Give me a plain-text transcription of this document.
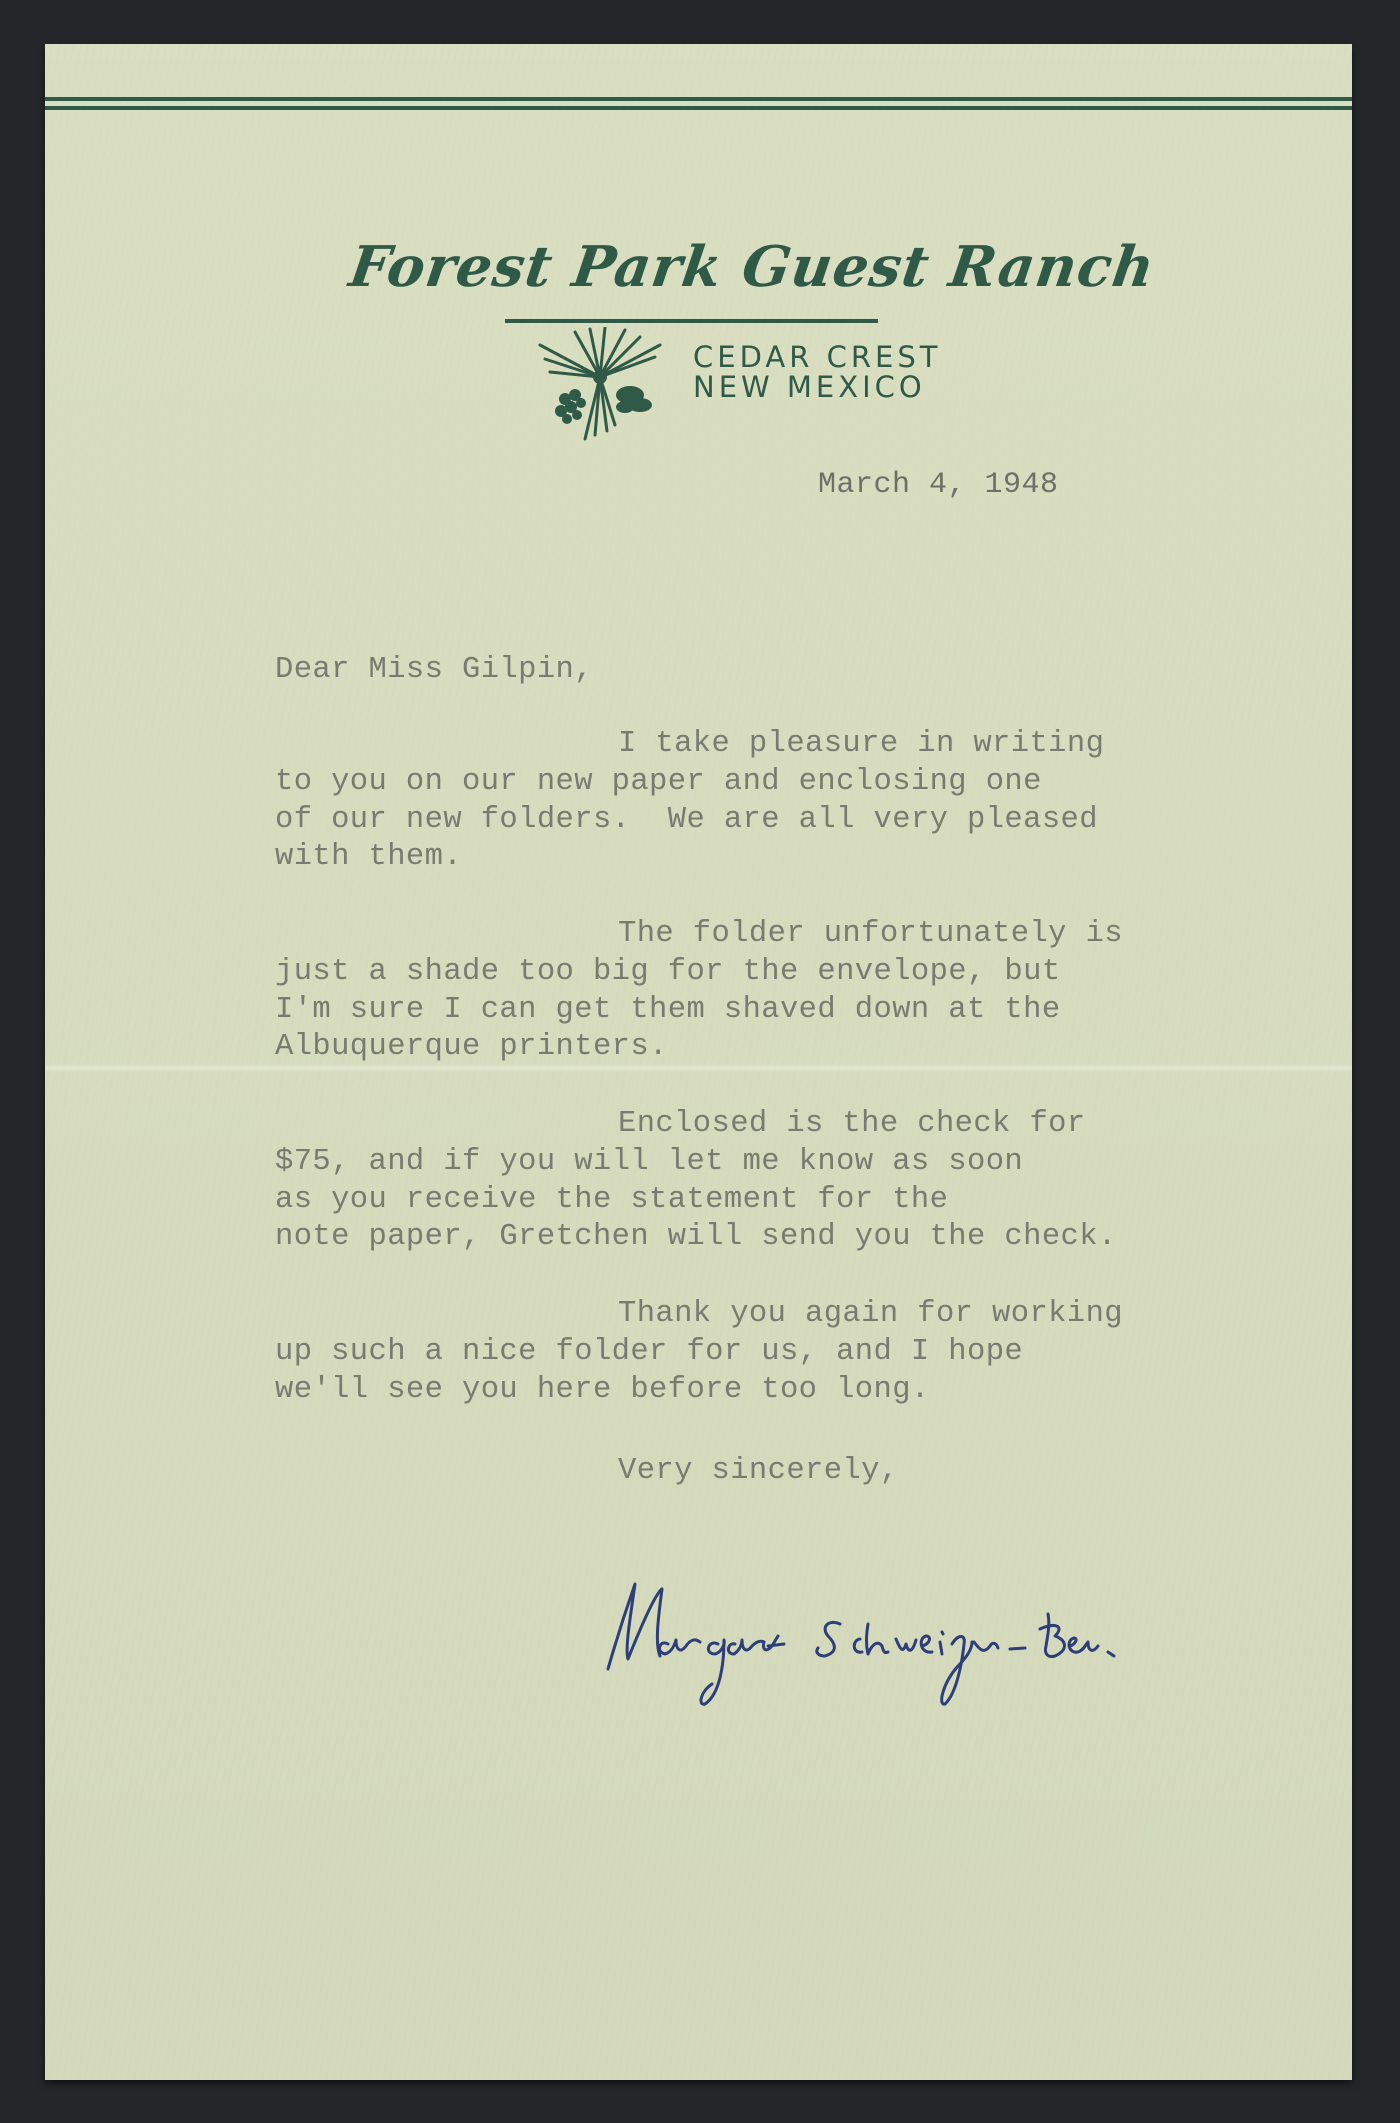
Forest Park Guest Ranch
CEDAR CREST
NEW MEXICO
March 4, 1948

Dear Miss Gilpin,

I take pleasure in writing

to you on our new paper and enclosing one

of our new folders.  We are all very pleased

with them.

The folder unfortunately is

just a shade too big for the envelope, but

I'm sure I can get them shaved down at the

Albuquerque printers.

Enclosed is the check for

$75, and if you will let me know as soon

as you receive the statement for the

note paper, Gretchen will send you the check.

Thank you again for working

up such a nice folder for us, and I hope

we'll see you here before too long.

Very sincerely,
